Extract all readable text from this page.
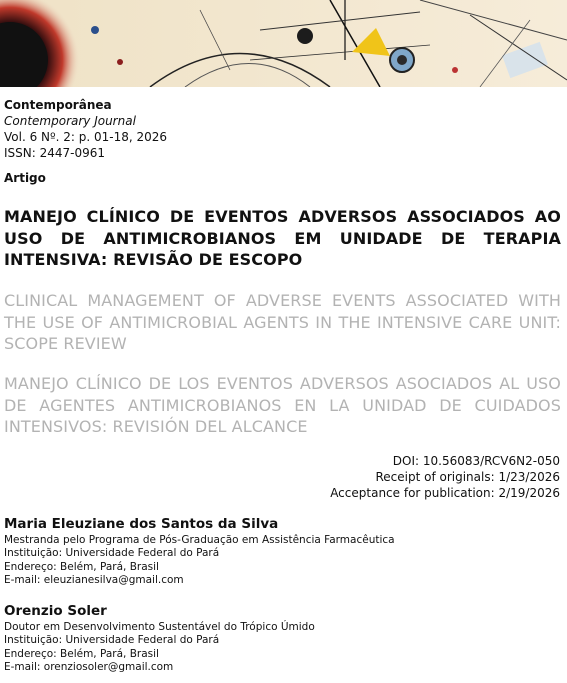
Contemporânea
Contemporary Journal
Vol. 6 Nº. 2: p. 01-18, 2026
ISSN: 2447-0961
Artigo
MANEJO CLÍNICO DE EVENTOS ADVERSOS ASSOCIADOS AO USO DE ANTIMICROBIANOS EM UNIDADE DE TERAPIA INTENSIVA: REVISÃO DE ESCOPO
CLINICAL MANAGEMENT OF ADVERSE EVENTS ASSOCIATED WITH THE USE OF ANTIMICROBIAL AGENTS IN THE INTENSIVE CARE UNIT: SCOPE REVIEW
MANEJO CLÍNICO DE LOS EVENTOS ADVERSOS ASOCIADOS AL USO DE AGENTES ANTIMICROBIANOS EN LA UNIDAD DE CUIDADOS INTENSIVOS: REVISIÓN DEL ALCANCE
DOI: 10.56083/RCV6N2-050
Receipt of originals: 1/23/2026
Acceptance for publication: 2/19/2026
Maria Eleuziane dos Santos da Silva
Mestranda pelo Programa de Pós-Graduação em Assistência Farmacêutica
Instituição: Universidade Federal do Pará
Endereço: Belém, Pará, Brasil
E-mail: eleuzianesilva@gmail.com
Orenzio Soler
Doutor em Desenvolvimento Sustentável do Trópico Úmido
Instituição: Universidade Federal do Pará
Endereço: Belém, Pará, Brasil
E-mail: orenziosoler@gmail.com
